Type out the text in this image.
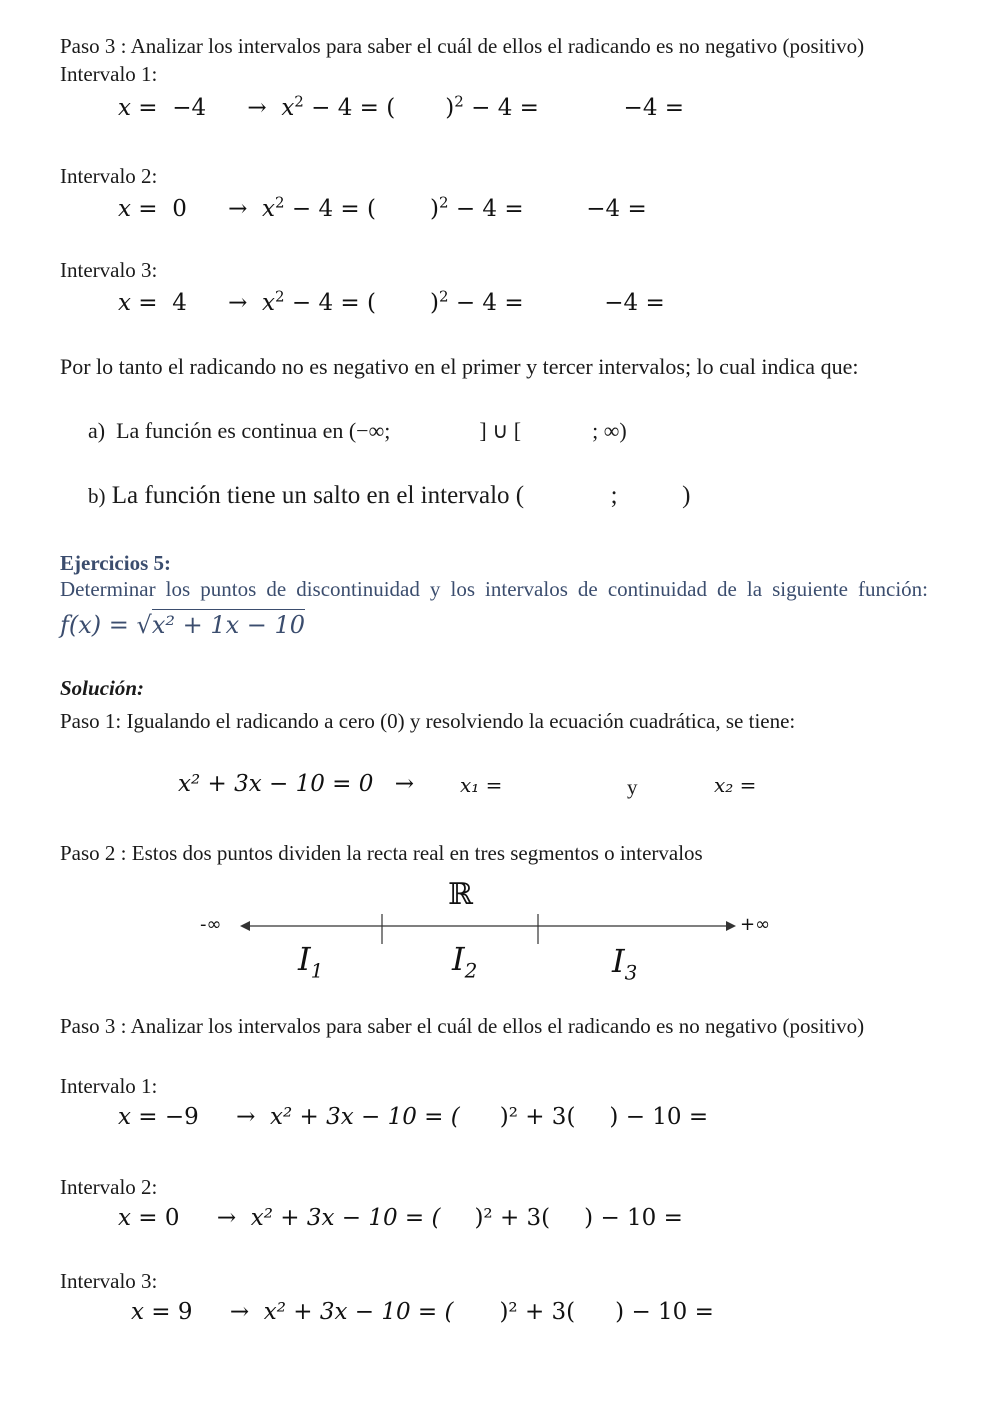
Paso 3 : Analizar los intervalos para saber el cuál de ellos el radicando es no negativo (positivo)
Intervalo 1:
$x = -4 \to x^2 - 4$ = ( )$^2$ − 4 =	−4 =
Intervalo 2:
$x = 0 \to x^2 - 4$ = ( )$^2$ − 4 =	−4 =
Intervalo 3:
$x = 4 \to x^2 - 4$ = ( )$^2$ − 4 =	−4 =
Por lo tanto el radicando no es negativo en el primer y tercer intervalos; lo cual indica que:
a) La función es continua en (−∞;	] ∪ [	; ∞)
b) La función tiene un salto en el intervalo (	;	)
Ejercicios 5:
Determinar los puntos de discontinuidad y los intervalos de continuidad de la siguiente función:
f(x) = √x² + 1x − 10
Solución:
Paso 1: Igualando el radicando a cero (0) y resolviendo la ecuación cuadrática, se tiene:
x² + 3x − 10 = 0 → x₁ =	y	x₂ =
Paso 2 : Estos dos puntos dividen la recta real en tres segmentos o intervalos
ℝ
-∞	+∞
$I_1$	$I_2$	$I_3$
Paso 3 : Analizar los intervalos para saber el cuál de ellos el radicando es no negativo (positivo)
Intervalo 1:
x = −9 → x² + 3x − 10 = ( )² + 3( ) − 10 =
Intervalo 2:
x = 0 → x² + 3x − 10 = ( )² + 3( ) − 10 =
Intervalo 3:
x = 9 → x² + 3x − 10 = ( )² + 3( ) − 10 =
